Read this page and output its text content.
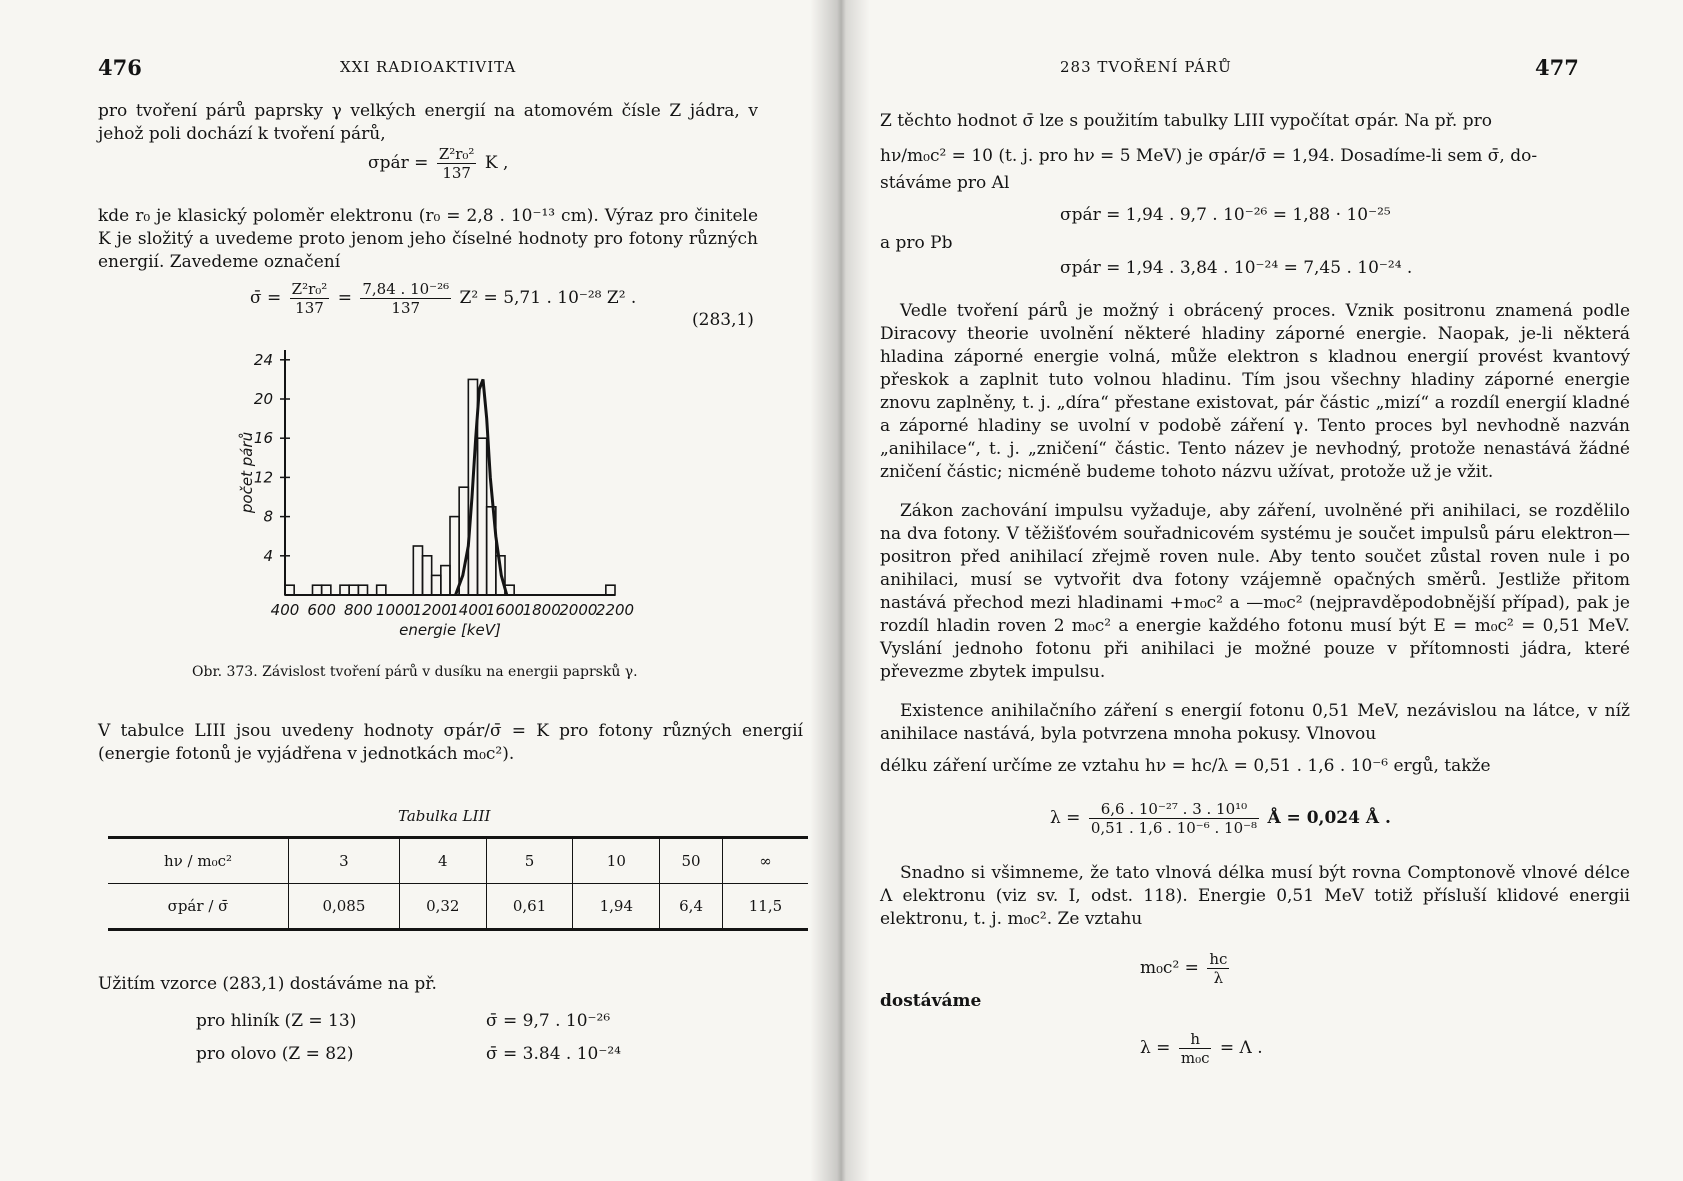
476	XXI RADIOAKTIVITA
pro tvoření párů paprsky γ velkých energií na atomovém čísle Z jádra, v jehož poli dochází k tvoření párů,
σpár = $\frac{\text{Z²r₀²}}{137}$ K ,
kde r₀ je klasický poloměr elektronu (r₀ = 2,8 . 10⁻¹³ cm). Výraz pro činitele K je složitý a uvedeme proto jenom jeho číselné hodnoty pro fotony různých energií. Zavedeme označení
σ̄ = $\frac{\text{Z²r₀²}}{137} = \frac{\text{7,84 . 10⁻²⁶}}{137} Z^2 = 5,71$ . 10⁻²⁸ Z² .
(283,1)
400 600 800 1000
1200
1400
1600
1800
2000
2200
4
8
12
16
20
24
energie [keV]
počet párů
Obr. 373. Závislost tvoření párů v dusíku na energii paprsků γ.
V tabulce LIII jsou uvedeny hodnoty σpár/σ̄ = K pro fotony různých energií (energie fotonů je vyjádřena v jednotkách m₀c²).
Tabulka LIII
hν / m₀c²	3	4	5	10	50	∞
σpár / σ̄	0,085	0,32	0,61	1,94	6,4	11,5
Užitím vzorce (283,1) dostáváme na př.
pro hliník (Z = 13)	σ̄ = 9,7 . 10⁻²⁶
pro olovo (Z = 82)	σ̄ = 3.84 . 10⁻²⁴
283 TVOŘENÍ PÁRŮ	477
Z těchto hodnot σ̄ lze s použitím tabulky LIII vypočítat σpár. Na př. pro
hν/m₀c² = 10 (t. j. pro hν = 5 MeV) je σpár/σ̄ = 1,94. Dosadíme-li sem σ̄, do-
stáváme pro Al
σpár = 1,94 . 9,7 . 10⁻²⁶ = 1,88 · 10⁻²⁵
a pro Pb
σpár = 1,94 . 3,84 . 10⁻²⁴ = 7,45 . 10⁻²⁴ .
Vedle tvoření párů je možný i obrácený proces. Vznik positronu znamená podle Diracovy theorie uvolnění některé hladiny záporné energie. Naopak, je-li některá hladina záporné energie volná, může elektron s kladnou energií provést kvantový přeskok a zaplnit tuto volnou hladinu. Tím jsou všechny hladiny záporné energie znovu zaplněny, t. j. „díra“ přestane existovat, pár částic „mizí“ a rozdíl energií kladné a záporné hladiny se uvolní v podobě záření γ. Tento proces byl nevhodně nazván „anihilace“, t. j. „zničení“ částic. Tento název je nevhodný, protože nenastává žádné zničení částic; nicméně budeme tohoto názvu užívat, protože už je vžit.
Zákon zachování impulsu vyžaduje, aby záření, uvolněné při anihilaci, se rozdělilo na dva fotony. V těžišťovém souřadnicovém systému je součet impulsů páru elektron—positron před anihilací zřejmě roven nule. Aby tento součet zůstal roven nule i po anihilaci, musí se vytvořit dva fotony vzájemně opačných směrů. Jestliže přitom nastává přechod mezi hladinami +m₀c² a —m₀c² (nejpravděpodobnější případ), pak je rozdíl hladin roven 2 m₀c² a energie každého fotonu musí být E = m₀c² = 0,51 MeV. Vyslání jednoho fotonu při anihilaci je možné pouze v přítomnosti jádra, které převezme zbytek impulsu.
Existence anihilačního záření s energií fotonu 0,51 MeV, nezávislou na látce, v níž anihilace nastává, byla potvrzena mnoha pokusy. Vlnovou
délku záření určíme ze vztahu hν = hc/λ = 0,51 . 1,6 . 10⁻⁶ ergů, takže
$\lambda = \frac{\text{6,6 . 10⁻²⁷ . 3 . 10¹⁰}}{\text{0,51 . 1,6 . 10⁻⁶ . 10⁻⁸}}$ Å = 0,024 Å .
Snadno si všimneme, že tato vlnová délka musí být rovna Comptonově vlnové délce Λ elektronu (viz sv. I, odst. 118). Energie 0,51 MeV totiž přísluší klidové energii elektronu, t. j. m₀c². Ze vztahu
$m_0c^2 = \frac{hc}{\lambda}$
dostáváme
$\lambda = \frac{h}{\text{m₀c}} = \Lambda$ .
